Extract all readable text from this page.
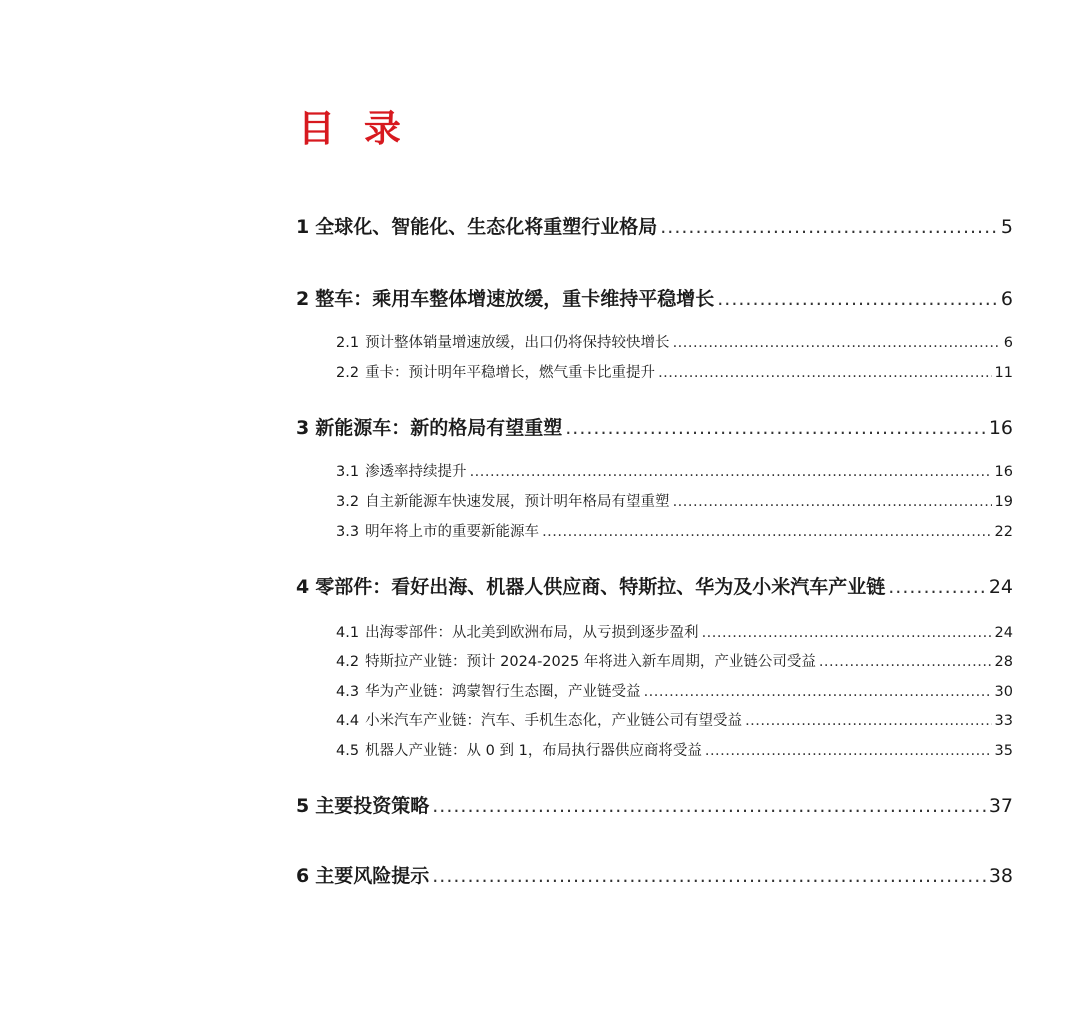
目 录
1 全球化、智能化、生态化将重塑行业格局 .....	5
2 整车：乘用车整体增速放缓，重卡维持平稳增长 .....	6
2.1 预计整体销量增速放缓，出口仍将保持较快增长 .....	6
2.2 重卡：预计明年平稳增长，燃气重卡比重提升 .....	11
3 新能源车：新的格局有望重塑 .....	16
3.1 渗透率持续提升 .....	16
3.2 自主新能源车快速发展，预计明年格局有望重塑 .....	19
3.3 明年将上市的重要新能源车 .....	22
4 零部件：看好出海、机器人供应商、特斯拉、华为及小米汽车产业链 .....	24
4.1 出海零部件：从北美到欧洲布局，从亏损到逐步盈利 .....	24
4.2 特斯拉产业链：预计 2024-2025 年将进入新车周期，产业链公司受益 .....	28
4.3 华为产业链：鸿蒙智行生态圈，产业链受益 .....	30
4.4 小米汽车产业链：汽车、手机生态化，产业链公司有望受益 .....	33
4.5 机器人产业链：从 0 到 1，布局执行器供应商将受益 .....	35
5 主要投资策略 .....	37
6 主要风险提示 .....	38
